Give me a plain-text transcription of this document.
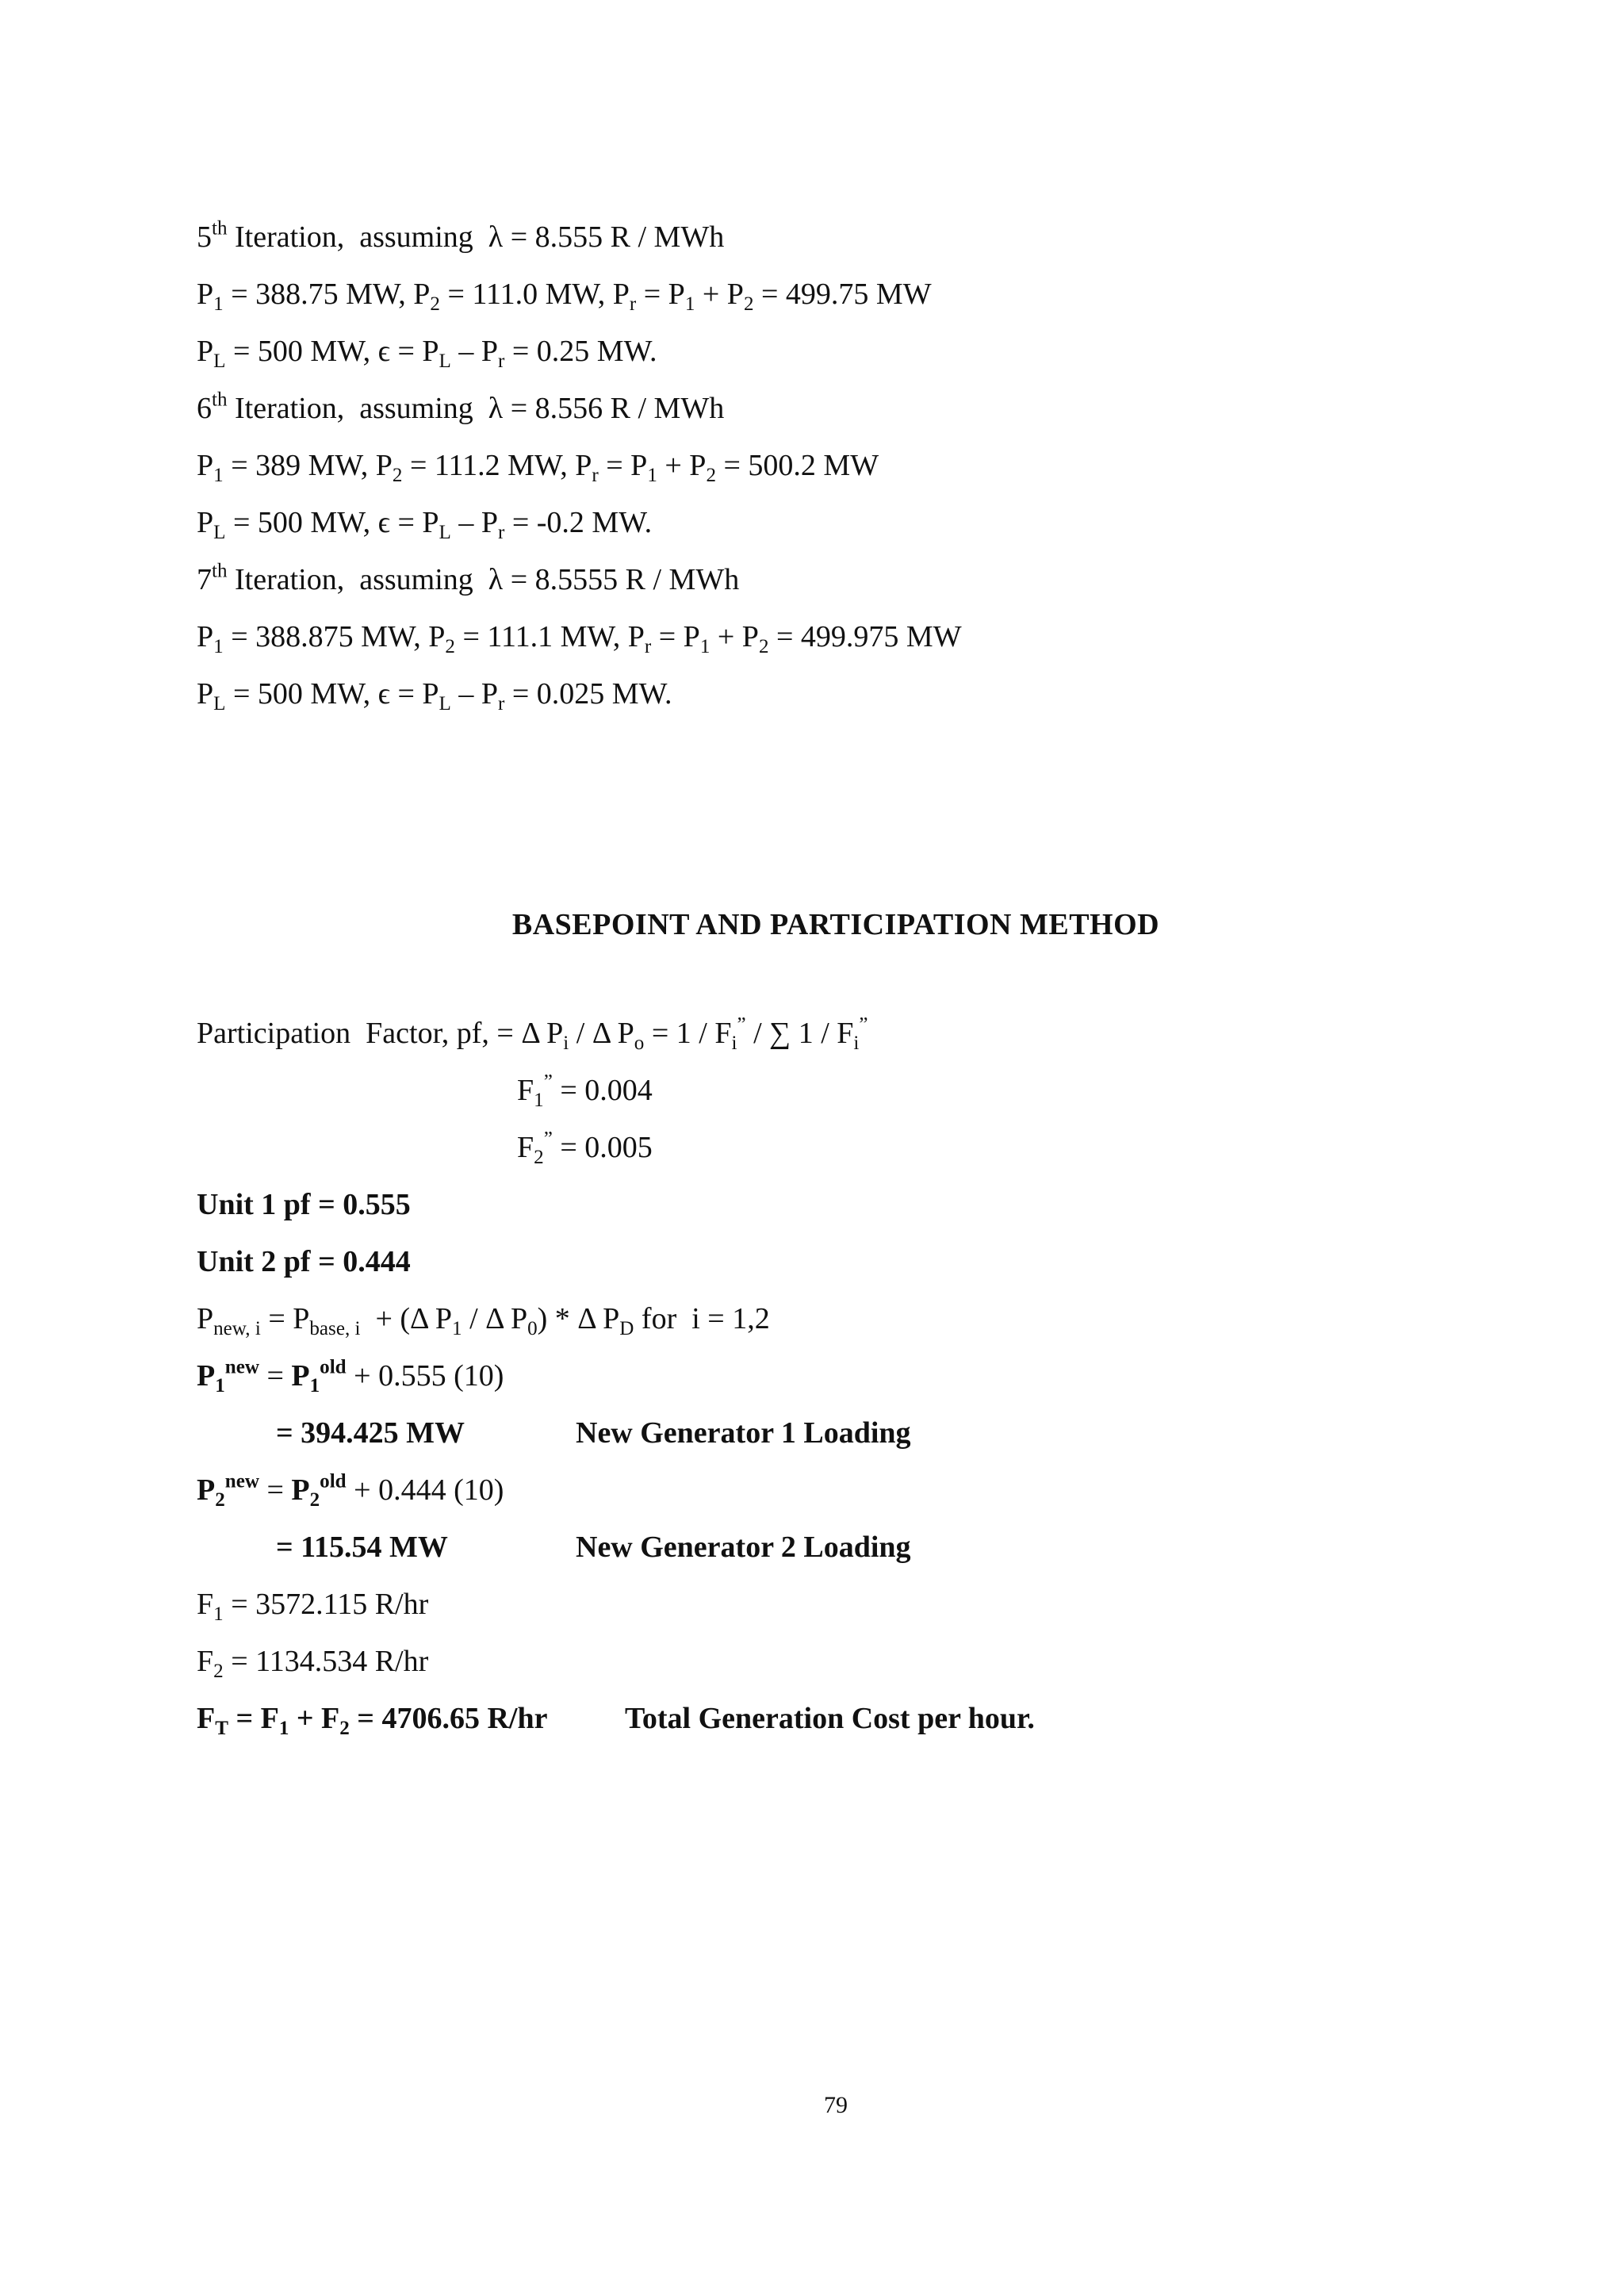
5th Iteration,  assuming  λ = 8.555 R / MWh
$P_1 = 388.75$ MW, $P_2 = 111.0$ MW, $P_r = P_1 + P_2 = 499.75$ MW
$P_L = 500$ MW, $\epsilon = P_L - P_r = 0.25$ MW.
6th Iteration,  assuming  λ = 8.556 R / MWh
$P_1 = 389$ MW, $P_2 = 111.2$ MW, $P_r = P_1 + P_2 = 500.2$ MW
$P_L = 500$ MW, $\epsilon = P_L - P_r = -0.2$ MW.
7th Iteration,  assuming  λ = 8.5555 R / MWh
$P_1 = 388.875$ MW, $P_2 = 111.1$ MW, $P_r = P_1 + P_2 = 499.975$ MW
$P_L = 500$ MW, $\epsilon = P_L - P_r = 0.025$ MW.
BASEPOINT AND PARTICIPATION METHOD
Participation  Factor, pf, = Δ $P_i$ / Δ $P_o = 1 / F_i^”$ / ∑ $1 / F_i^”$
$F_1^” = 0.004$
$F_2^” = 0.005$
Unit 1 pf = 0.555
Unit 2 pf = 0.444
$P_{new, i} = P_{base, i} + (\Delta$ $P_1$ / Δ $P_0$) * Δ $P_D$ for  i = 1,2
$P_1^{new} = P_1^{old} + 0.555$ (10)
= 394.425 MW	New Generator 1 Loading
$P_2^{new} = P_2^{old} + 0.444$ (10)
= 115.54 MW	New Generator 2 Loading
$F_1 = 3572.115$ R/hr
$F_2 = 1134.534$ R/hr
$F_T = F_1 + F_2 = 4706.65$ R/hr	Total Generation Cost per hour.
79
